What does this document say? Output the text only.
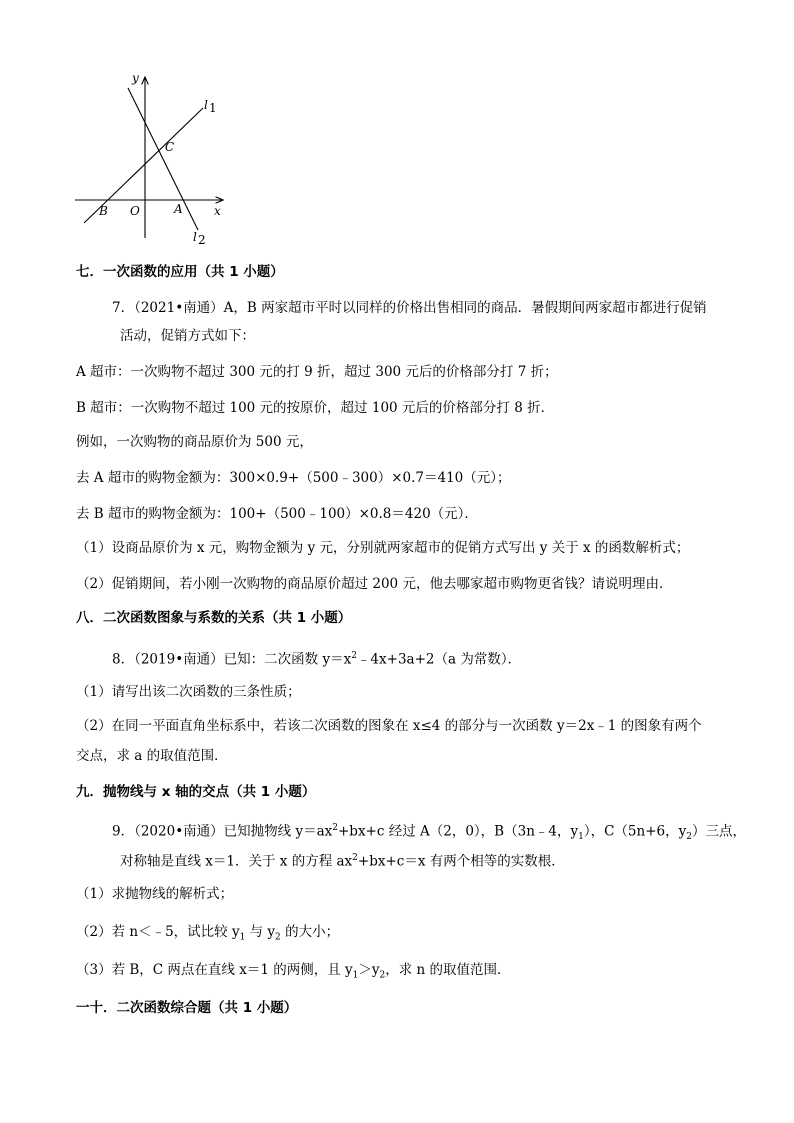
y
x
l 1
l 2
C
B O	A
七．一次函数的应用（共 1 小题）
7．（2021•南通）A，B 两家超市平时以同样的价格出售相同的商品．暑假期间两家超市都进行促销
活动，促销方式如下：
A 超市：一次购物不超过 300 元的打 9 折，超过 300 元后的价格部分打 7 折；
B 超市：一次购物不超过 100 元的按原价，超过 100 元后的价格部分打 8 折．
例如，一次购物的商品原价为 500 元，
去 A 超市的购物金额为：300×0.9+（500﹣300）×0.7＝410（元）；
去 B 超市的购物金额为：100+（500﹣100）×0.8＝420（元）．
（1）设商品原价为 x 元，购物金额为 y 元，分别就两家超市的促销方式写出 y 关于 x 的函数解析式；
（2）促销期间，若小刚一次购物的商品原价超过 200 元，他去哪家超市购物更省钱？请说明理由．
八．二次函数图象与系数的关系（共 1 小题）
8．（2019•南通）已知：二次函数 $y=x^2﹣4x+3a+2(a$ 为常数）．
（1）请写出该二次函数的三条性质；
（2）在同一平面直角坐标系中，若该二次函数的图象在 x≤4 的部分与一次函数 y＝2x﹣1 的图象有两个
交点，求 a 的取值范围．
九．抛物线与 x 轴的交点（共 1 小题）
9．（2020•南通）已知抛物线 $y=ax^2+bx+c$ 经过 A（2，0），B（3n﹣4，$y_1$），C（5n+6，$y_2$）三点，
对称轴是直线 x＝1．关于 x 的方程 $ax^2+bx+c=x$ 有两个相等的实数根．
（1）求抛物线的解析式；
（2）若 n＜﹣5，试比较 $y_1$ 与 $y_2$ 的大小；
（3）若 B，C 两点在直线 x＝1 的两侧，且 $y_1>y_2$，求 n 的取值范围．
一十．二次函数综合题（共 1 小题）
